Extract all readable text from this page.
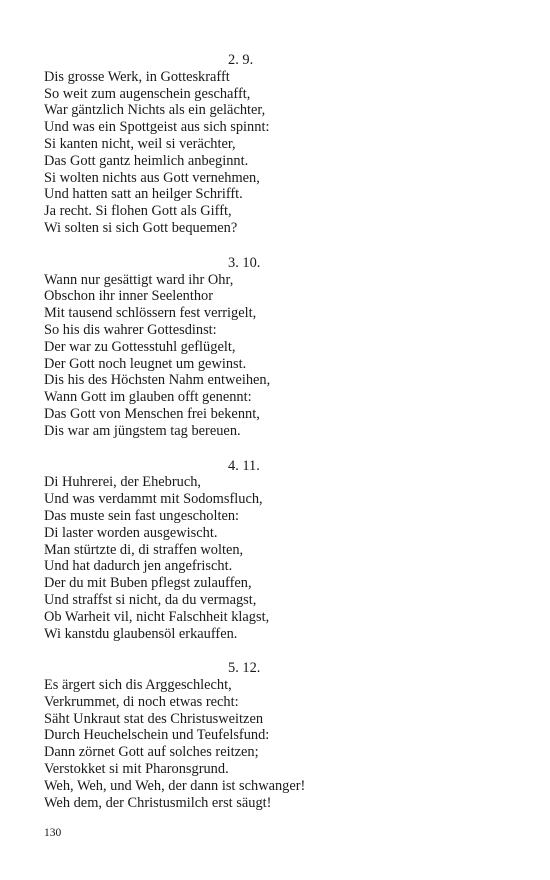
2. 9.
Dis grosse Werk, in Gotteskrafft
So weit zum augenschein geschafft,
War gäntzlich Nichts als ein gelächter,
Und was ein Spottgeist aus sich spinnt:
Si kanten nicht, weil si verächter,
Das Gott gantz heimlich anbeginnt.
Si wolten nichts aus Gott vernehmen,
Und hatten satt an heilger Schrifft.
Ja recht. Si flohen Gott als Gifft,
Wi solten si sich Gott bequemen?
3. 10.
Wann nur gesättigt ward ihr Ohr,
Obschon ihr inner Seelenthor
Mit tausend schlössern fest verrigelt,
So his dis wahrer Gottesdinst:
Der war zu Gottesstuhl geflügelt,
Der Gott noch leugnet um gewinst.
Dis his des Höchsten Nahm entweihen,
Wann Gott im glauben offt genennt:
Das Gott von Menschen frei bekennt,
Dis war am jüngstem tag bereuen.
4. 11.
Di Huhrerei, der Ehebruch,
Und was verdammt mit Sodomsfluch,
Das muste sein fast ungescholten:
Di laster worden ausgewischt.
Man stürtzte di, di straffen wolten,
Und hat dadurch jen angefrischt.
Der du mit Buben pflegst zulauffen,
Und straffst si nicht, da du vermagst,
Ob Warheit vil, nicht Falschheit klagst,
Wi kanstdu glaubensöl erkauffen.
5. 12.
Es ärgert sich dis Arggeschlecht,
Verkrummet, di noch etwas recht:
Säht Unkraut stat des Christusweitzen
Durch Heuchelschein und Teufelsfund:
Dann zörnet Gott auf solches reitzen;
Verstokket si mit Pharonsgrund.
Weh, Weh, und Weh, der dann ist schwanger!
Weh dem, der Christusmilch erst säugt!
130
